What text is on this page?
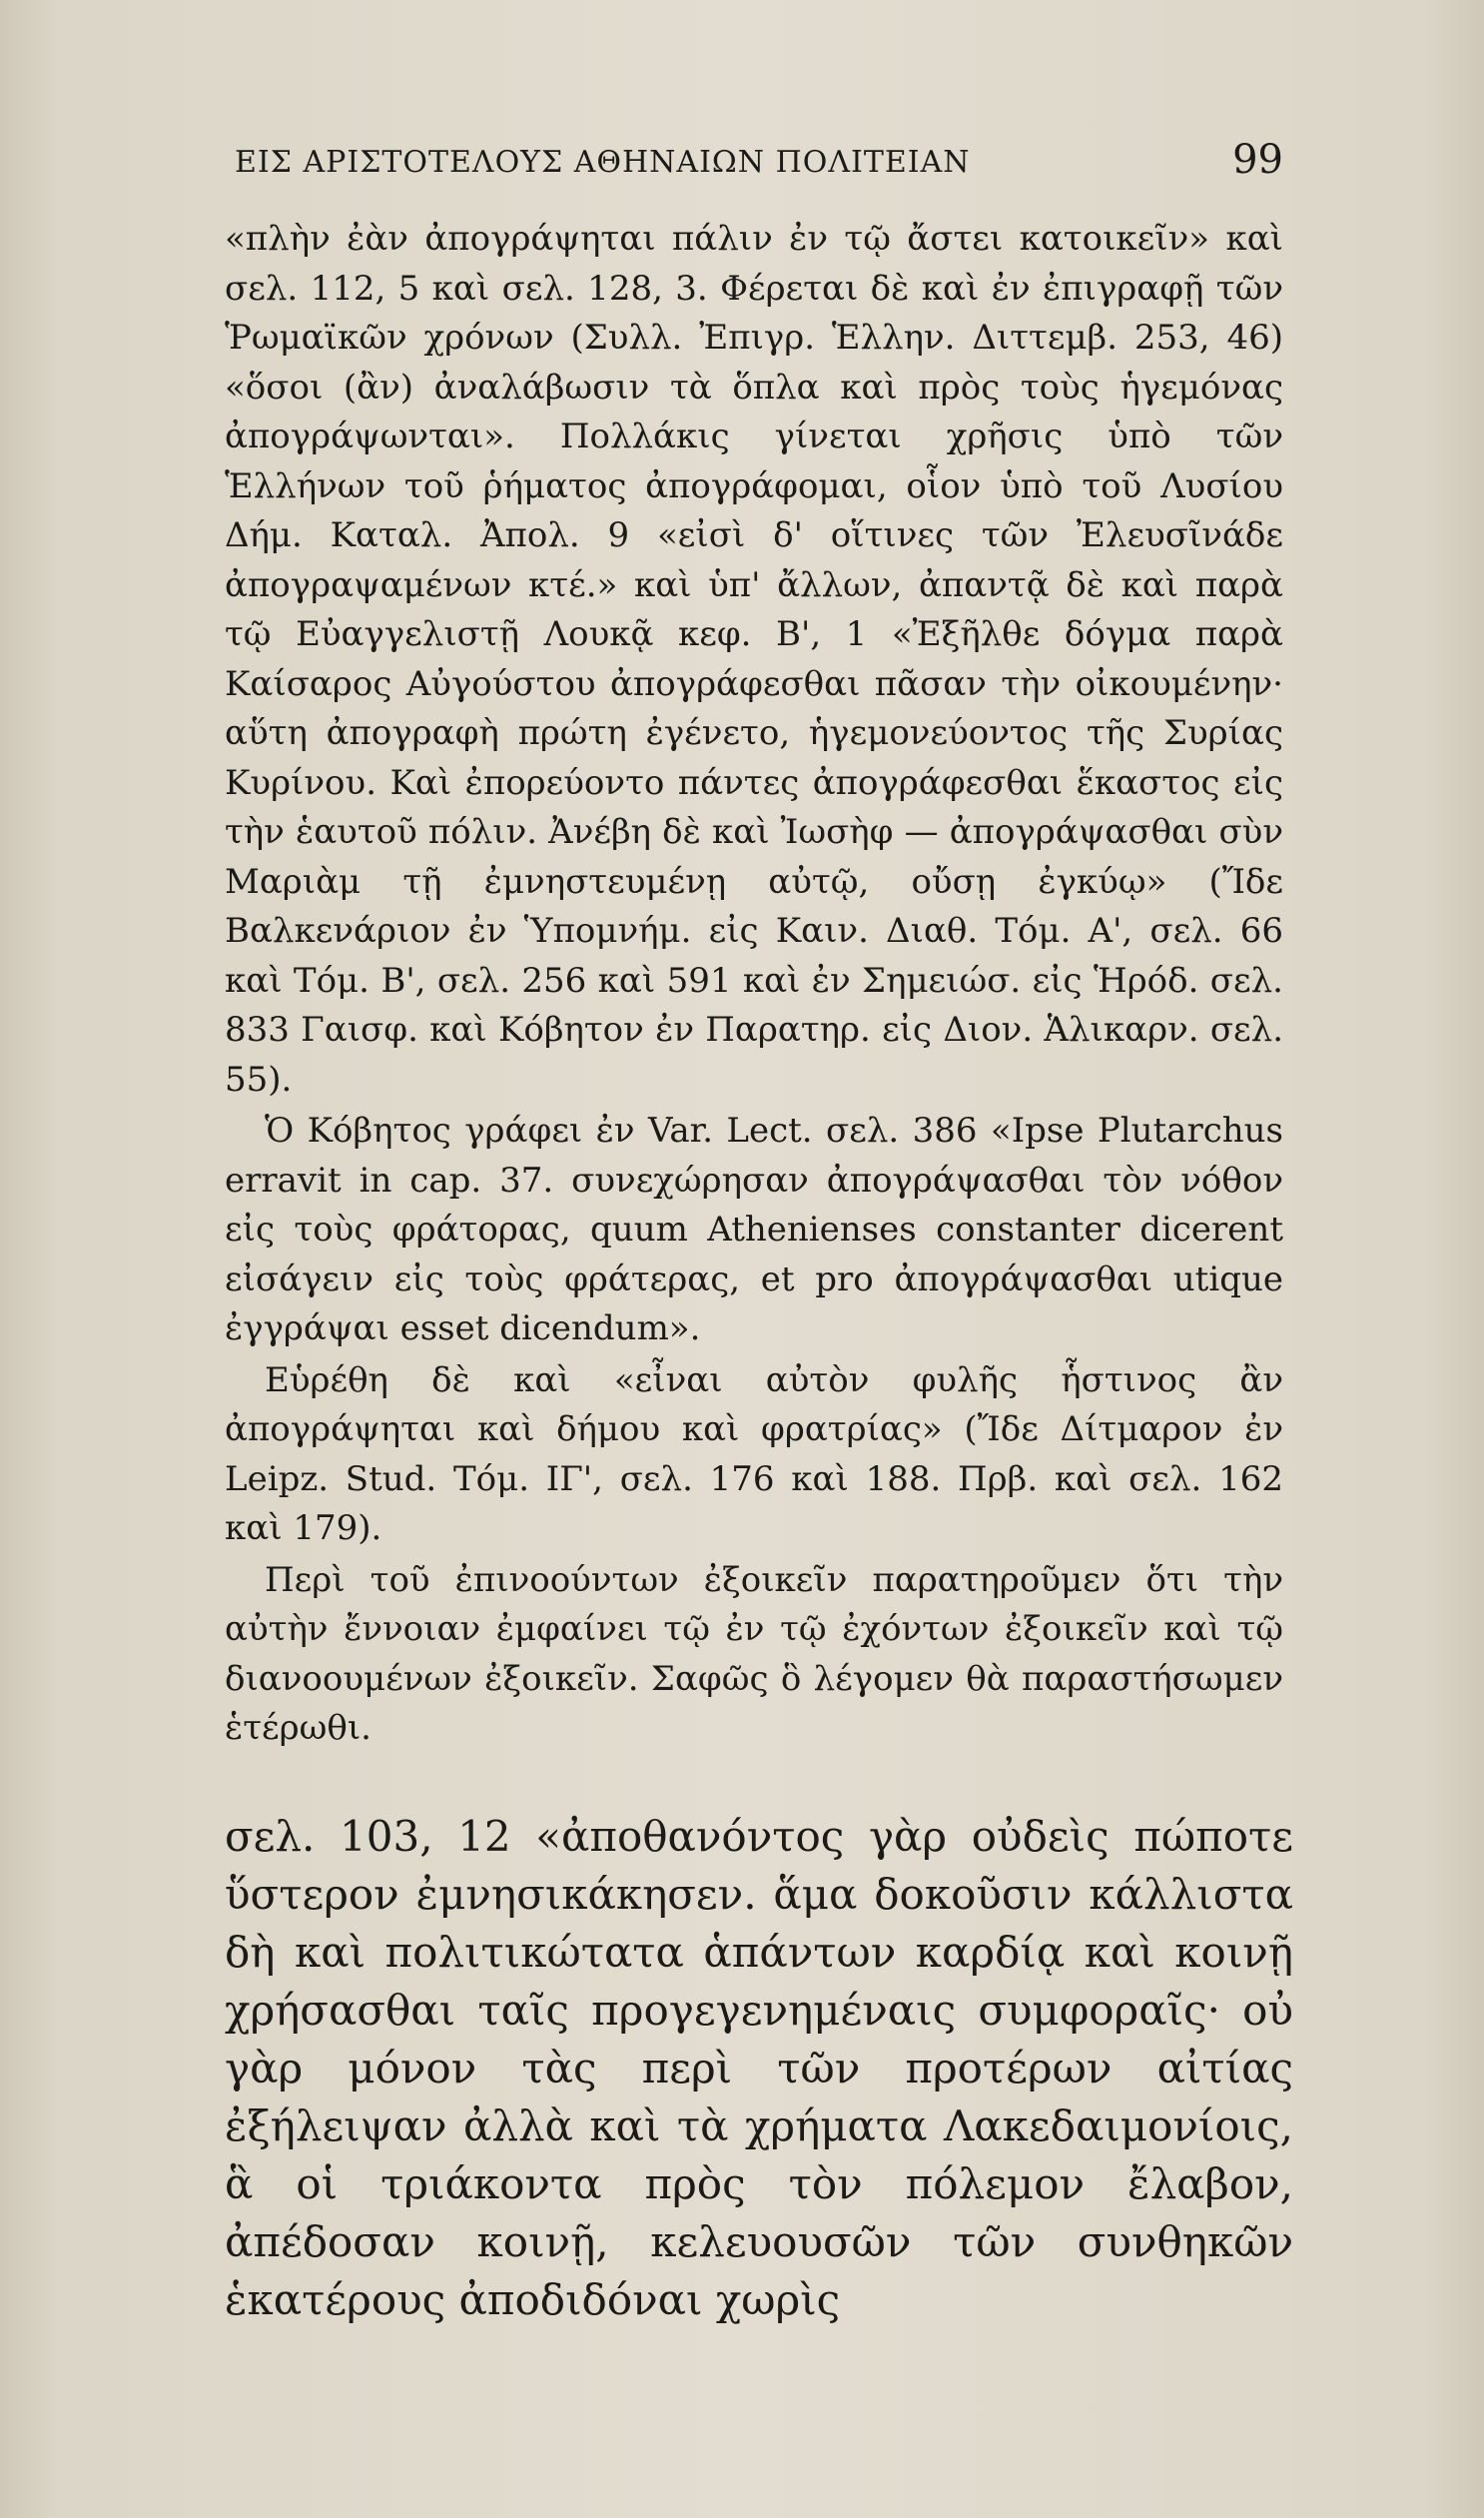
ΕΙΣ ΑΡΙΣΤΟΤΕΛΟΥΣ ΑΘΗΝΑΙΩΝ ΠΟΛΙΤΕΙΑΝ	99

«πλὴν ἐὰν ἀπογράψηται πάλιν ἐν τῷ ἄστει κατοικεῖν» καὶ σελ. 112, 5 καὶ σελ. 128, 3. Φέρεται δὲ καὶ ἐν ἐπιγραφῇ τῶν Ῥωμαϊκῶν χρόνων (Συλλ. Ἐπιγρ. Ἑλλην. Διττεμβ. 253, 46) «ὅσοι (ἂν) ἀναλάβωσιν τὰ ὅπλα καὶ πρὸς τοὺς ἡγεμόνας ἀπογράψωνται». Πολλάκις γίνεται χρῆσις ὑπὸ τῶν Ἑλλήνων τοῦ ῥήματος ἀπογράφομαι, οἷον ὑπὸ τοῦ Λυσίου Δήμ. Καταλ. Ἀπολ. 9 «εἰσὶ δ' οἵτινες τῶν Ἐλευσῖνάδε ἀπογραψαμένων κτέ.» καὶ ὑπ' ἄλλων, ἀπαντᾷ δὲ καὶ παρὰ τῷ Εὐαγγελιστῇ Λουκᾷ κεφ. Β', 1 «Ἐξῆλθε δόγμα παρὰ Καίσαρος Αὐγούστου ἀπογράφεσθαι πᾶσαν τὴν οἰκουμένην· αὕτη ἀπογραφὴ πρώτη ἐγένετο, ἡγεμονεύοντος τῆς Συρίας Κυρίνου. Καὶ ἐπορεύοντο πάντες ἀπογράφεσθαι ἕκαστος εἰς τὴν ἑαυτοῦ πόλιν. Ἀνέβη δὲ καὶ Ἰωσὴφ — ἀπογράψασθαι σὺν Μαριὰμ τῇ ἐμνηστευμένῃ αὐτῷ, οὔσῃ ἐγκύῳ» (Ἴδε Βαλκενάριον ἐν Ὑπομνήμ. εἰς Καιν. Διαθ. Τόμ. Α', σελ. 66 καὶ Τόμ. Β', σελ. 256 καὶ 591 καὶ ἐν Σημειώσ. εἰς Ἡρόδ. σελ. 833 Γαισφ. καὶ Κόβητον ἐν Παρατηρ. εἰς Διον. Ἁλικαρν. σελ. 55).

Ὁ Κόβητος γράφει ἐν Var. Lect. σελ. 386 «Ipse Plutarchus erravit in cap. 37. συνεχώρησαν ἀπογράψασθαι τὸν νόθον εἰς τοὺς φράτορας, quum Athenienses constanter dicerent εἰσάγειν εἰς τοὺς φράτερας, et pro ἀπογράψασθαι utique ἐγγράψαι esset dicendum».

Εὑρέθη δὲ καὶ «εἶναι αὐτὸν φυλῆς ἧστινος ἂν ἀπογράψηται καὶ δήμου καὶ φρατρίας» (Ἴδε Δίτμαρον ἐν Leipz. Stud. Τόμ. ΙΓ', σελ. 176 καὶ 188. Πρβ. καὶ σελ. 162 καὶ 179).

Περὶ τοῦ ἐπινοούντων ἐξοικεῖν παρατηροῦμεν ὅτι τὴν αὐτὴν ἔννοιαν ἐμφαίνει τῷ ἐν τῷ ἐχόντων ἐξοικεῖν καὶ τῷ διανοουμένων ἐξοικεῖν. Σαφῶς ὃ λέγομεν θὰ παραστήσωμεν ἑτέρωθι.

σελ. 103, 12 «ἀποθανόντος γὰρ οὐδεὶς πώποτε ὕστερον ἐμνησικάκησεν. ἅμα δοκοῦσιν κάλλιστα δὴ καὶ πολιτικώτατα ἁπάντων καρδίᾳ καὶ κοινῇ χρήσασθαι ταῖς προγεγενημέναις συμφοραῖς· οὐ γὰρ μόνον τὰς περὶ τῶν προτέρων αἰτίας ἐξήλειψαν ἀλλὰ καὶ τὰ χρήματα Λακεδαιμονίοις, ἃ οἱ τριάκοντα πρὸς τὸν πόλεμον ἔλαβον, ἀπέδοσαν κοινῇ, κελευουσῶν τῶν συνθηκῶν ἑκατέρους ἀποδιδόναι χωρὶς
